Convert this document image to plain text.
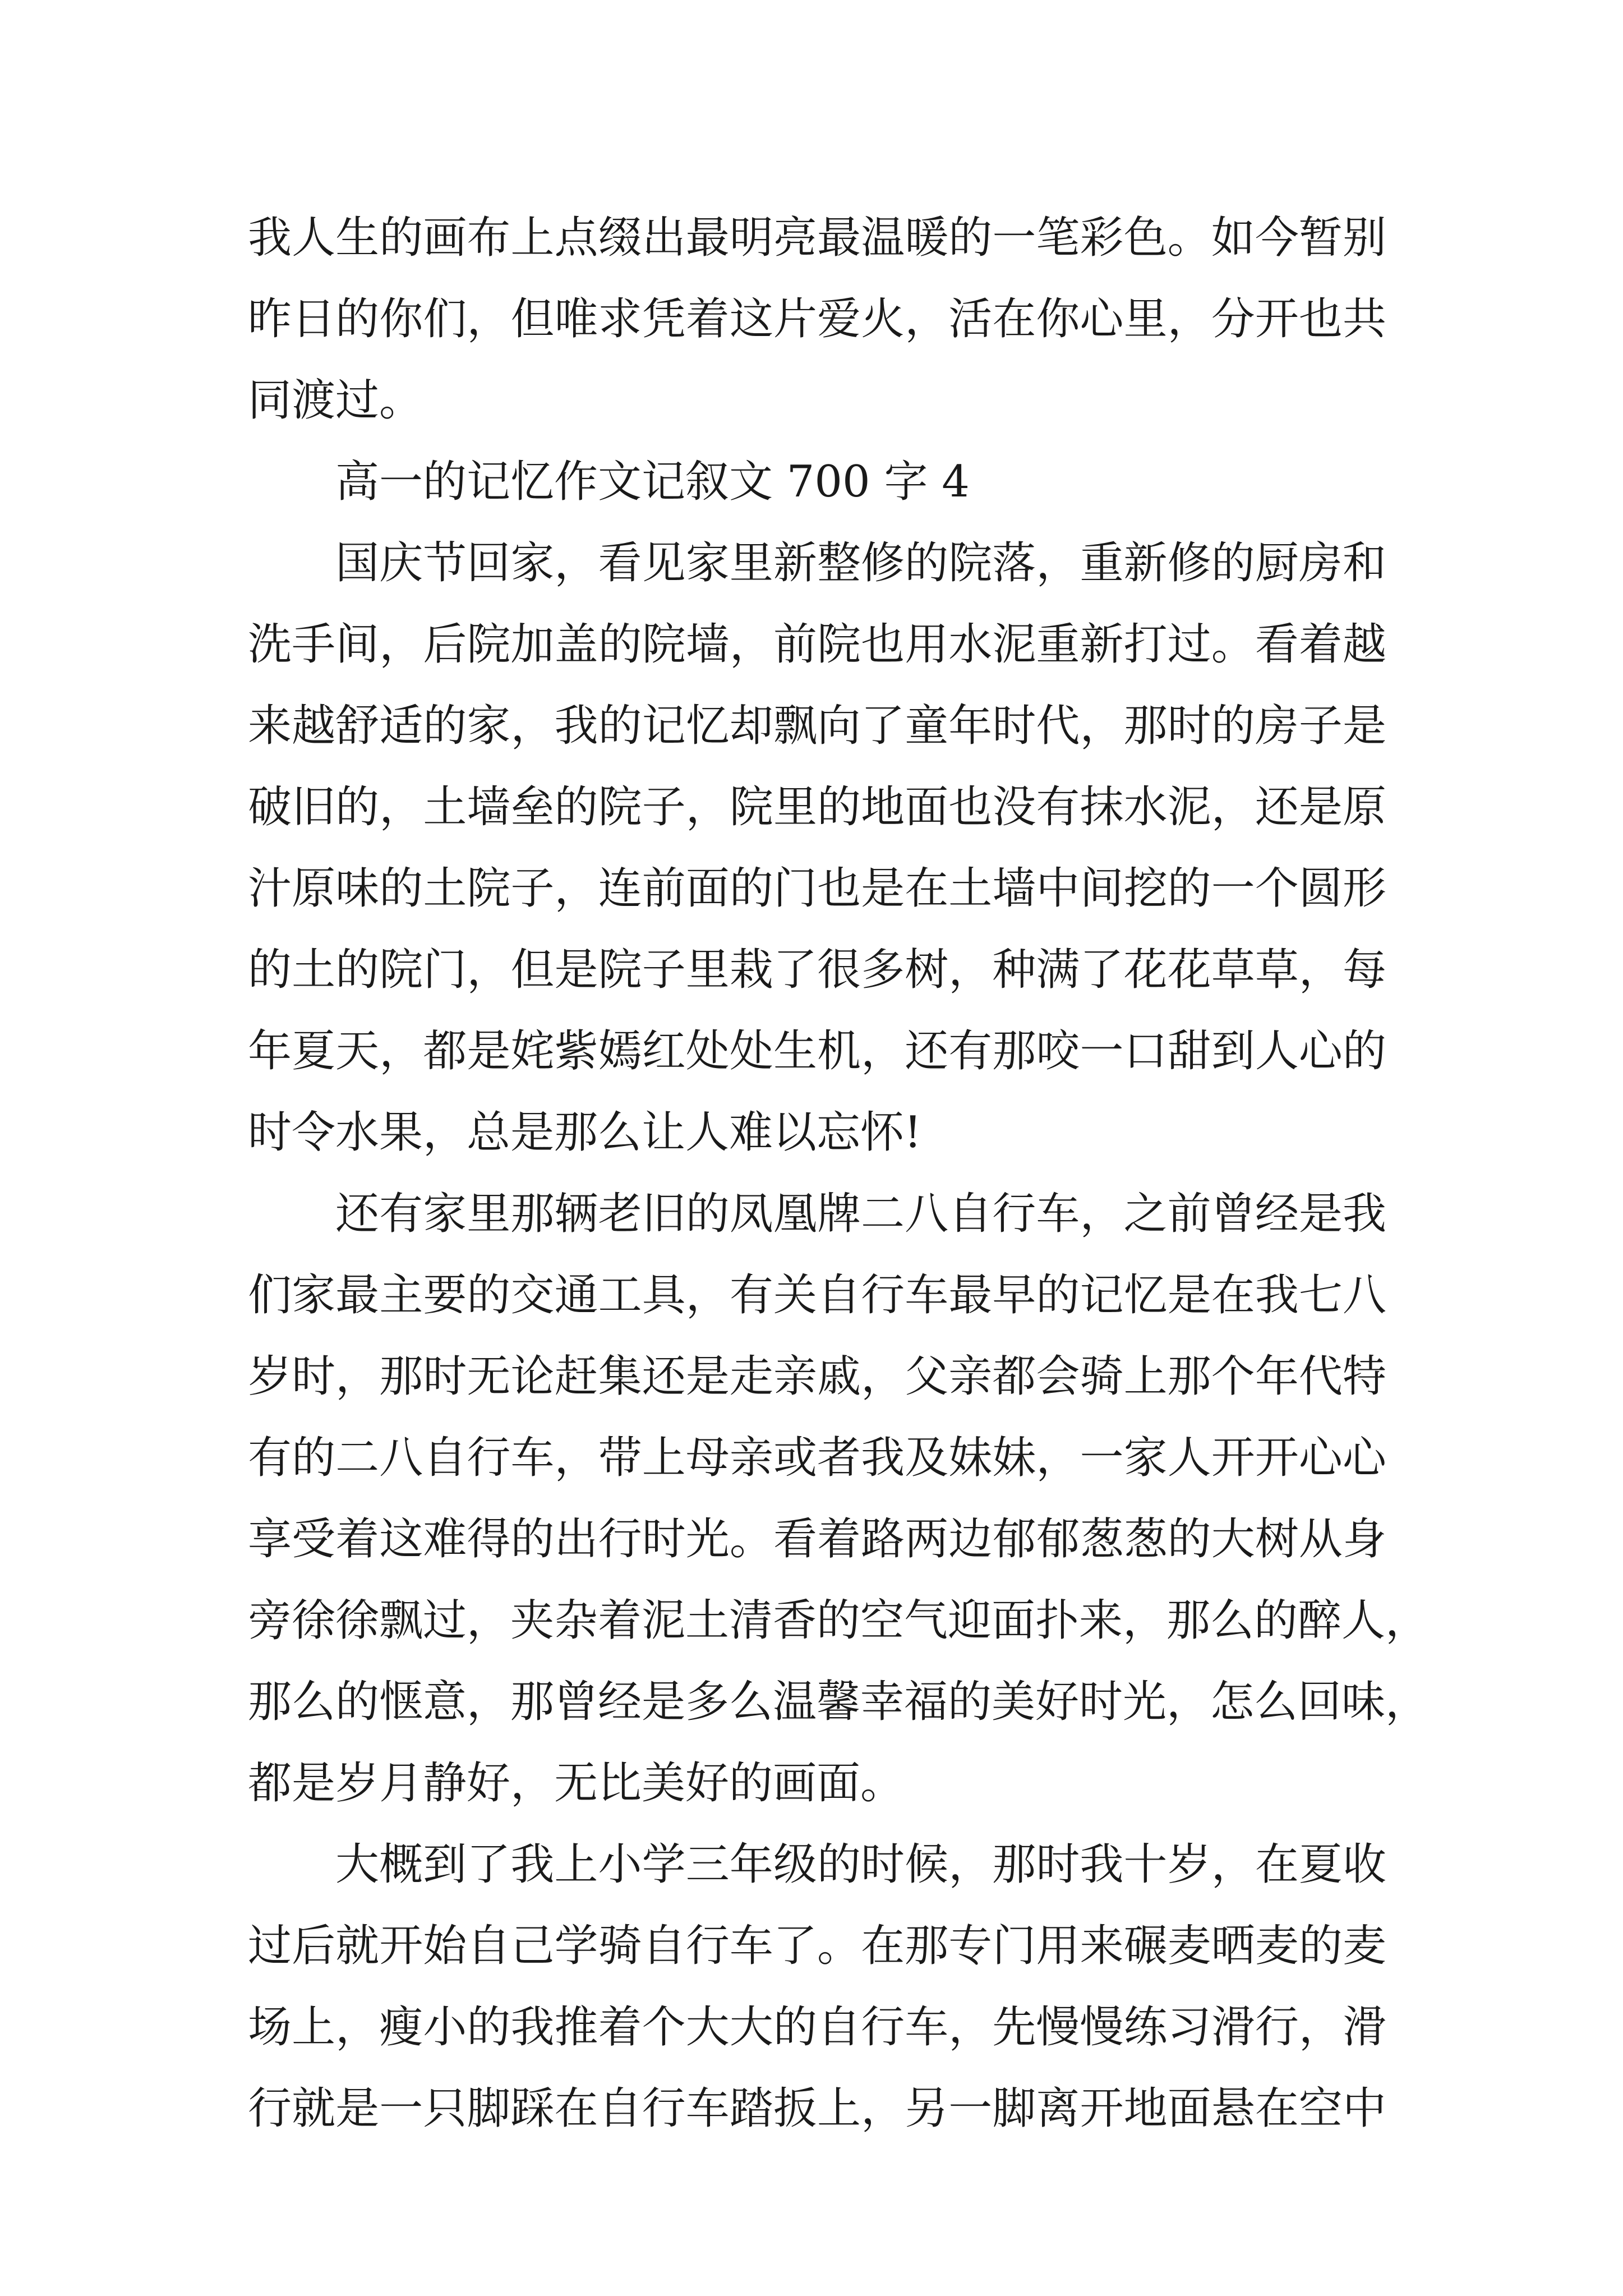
我人生的画布上点缀出最明亮最温暖的一笔彩色。如今暂别
昨日的你们，但唯求凭着这片爱火，活在你心里，分开也共
同渡过。
高一的记忆作文记叙文 700 字 4
国庆节回家，看见家里新整修的院落，重新修的厨房和
洗手间，后院加盖的院墙，前院也用水泥重新打过。看着越
来越舒适的家，我的记忆却飘向了童年时代，那时的房子是
破旧的，土墙垒的院子，院里的地面也没有抹水泥，还是原
汁原味的土院子，连前面的门也是在土墙中间挖的一个圆形
的土的院门，但是院子里栽了很多树，种满了花花草草，每
年夏天，都是姹紫嫣红处处生机，还有那咬一口甜到人心的
时令水果，总是那么让人难以忘怀!
还有家里那辆老旧的凤凰牌二八自行车，之前曾经是我
们家最主要的交通工具，有关自行车最早的记忆是在我七八
岁时，那时无论赶集还是走亲戚，父亲都会骑上那个年代特
有的二八自行车，带上母亲或者我及妹妹，一家人开开心心
享受着这难得的出行时光。看着路两边郁郁葱葱的大树从身
旁徐徐飘过，夹杂着泥土清香的空气迎面扑来，那么的醉人，
那么的惬意，那曾经是多么温馨幸福的美好时光，怎么回味，
都是岁月静好，无比美好的画面。
大概到了我上小学三年级的时候，那时我十岁，在夏收
过后就开始自己学骑自行车了。在那专门用来碾麦晒麦的麦
场上，瘦小的我推着个大大的自行车，先慢慢练习滑行，滑
行就是一只脚踩在自行车踏扳上，另一脚离开地面悬在空中
